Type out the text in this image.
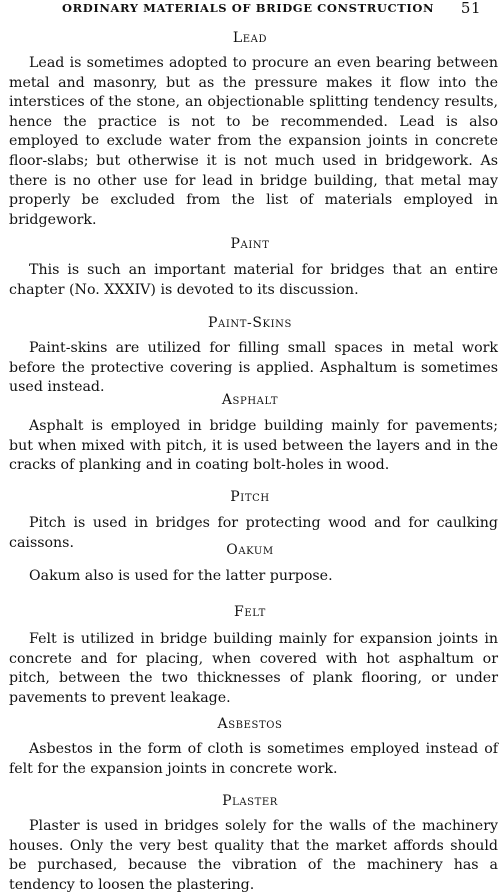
ORDINARY MATERIALS OF BRIDGE CONSTRUCTION 51
Lead

Lead is sometimes adopted to procure an even bearing between metal and masonry, but as the pressure makes it flow into the interstices of the stone, an objectionable splitting tendency results, hence the practice is not to be recommended. Lead is also employed to exclude water from the expansion joints in concrete floor-slabs; but otherwise it is not much used in bridgework. As there is no other use for lead in bridge building, that metal may properly be excluded from the list of materials employed in bridgework.

Paint

This is such an important material for bridges that an entire chapter (No. XXXIV) is devoted to its discussion.

Paint-Skins

Paint-skins are utilized for filling small spaces in metal work before the protective covering is applied. Asphaltum is sometimes used instead.

Asphalt

Asphalt is employed in bridge building mainly for pavements; but when mixed with pitch, it is used between the layers and in the cracks of planking and in coating bolt-holes in wood.

Pitch

Pitch is used in bridges for protecting wood and for caulking caissons.	Oakum

Oakum also is used for the latter purpose.

Felt

Felt is utilized in bridge building mainly for expansion joints in concrete and for placing, when covered with hot asphaltum or pitch, between the two thicknesses of plank flooring, or under pavements to prevent leakage.

Asbestos

Asbestos in the form of cloth is sometimes employed instead of felt for the expansion joints in concrete work.

Plaster

Plaster is used in bridges solely for the walls of the machinery houses. Only the very best quality that the market affords should be purchased, because the vibration of the machinery has a tendency to loosen the plastering.
